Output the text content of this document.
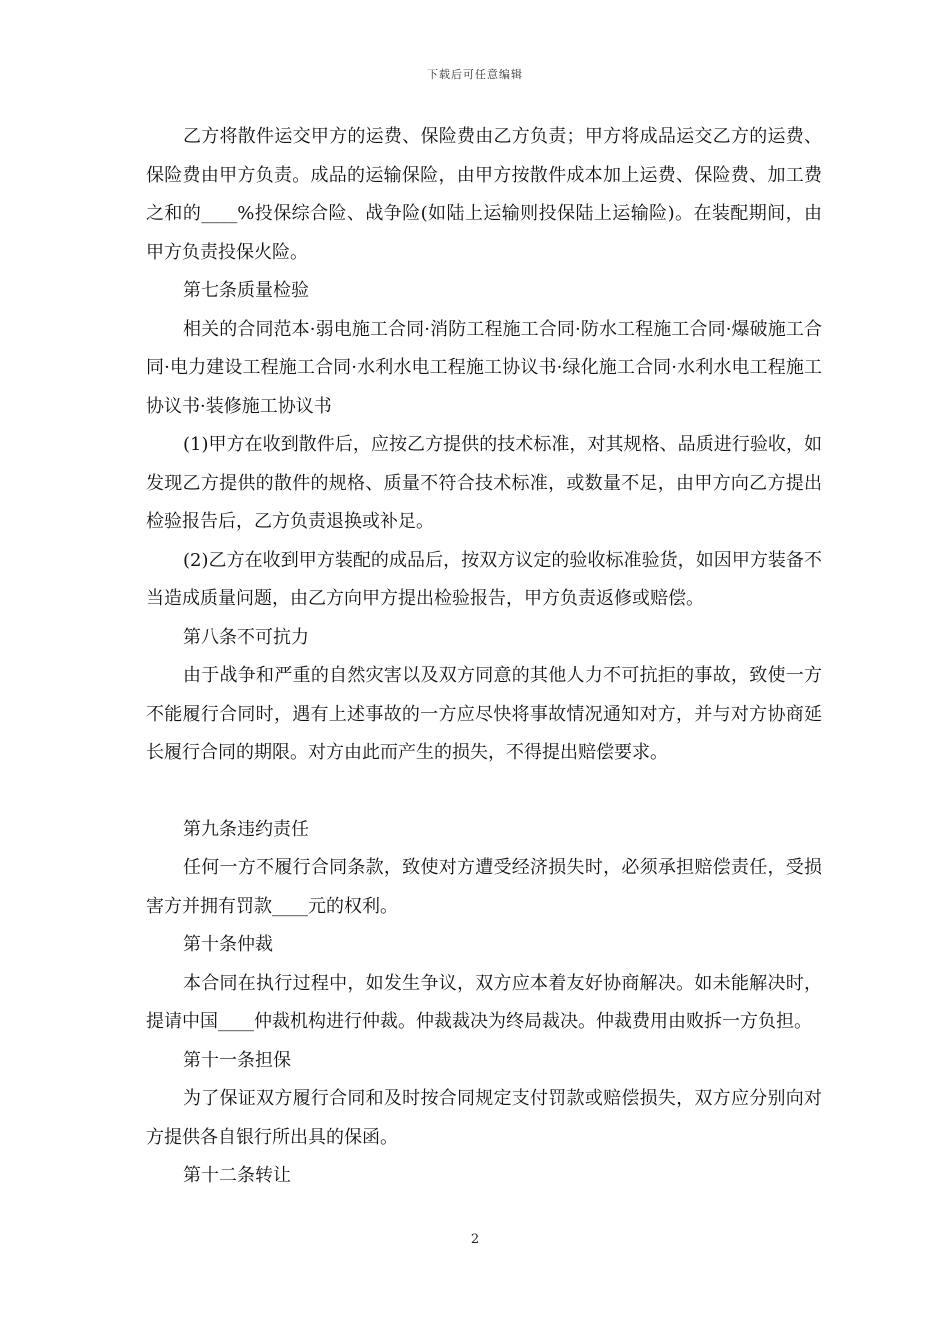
下载后可任意编辑

乙方将散件运交甲方的运费、保险费由乙方负责；甲方将成品运交乙方的运费、保险费由甲方负责。成品的运输保险，由甲方按散件成本加上运费、保险费、加工费之和的____%投保综合险、战争险(如陆上运输则投保陆上运输险)。在装配期间，由甲方负责投保火险。

第七条质量检验

相关的合同范本·弱电施工合同·消防工程施工合同·防水工程施工合同·爆破施工合同·电力建设工程施工合同·水利水电工程施工协议书·绿化施工合同·水利水电工程施工协议书·装修施工协议书

(1)甲方在收到散件后，应按乙方提供的技术标准，对其规格、品质进行验收，如发现乙方提供的散件的规格、质量不符合技术标准，或数量不足，由甲方向乙方提出检验报告后，乙方负责退换或补足。

(2)乙方在收到甲方装配的成品后，按双方议定的验收标准验货，如因甲方装备不当造成质量问题，由乙方向甲方提出检验报告，甲方负责返修或赔偿。

第八条不可抗力

由于战争和严重的自然灾害以及双方同意的其他人力不可抗拒的事故，致使一方不能履行合同时，遇有上述事故的一方应尽快将事故情况通知对方，并与对方协商延长履行合同的期限。对方由此而产生的损失，不得提出赔偿要求。

第九条违约责任

任何一方不履行合同条款，致使对方遭受经济损失时，必须承担赔偿责任，受损害方并拥有罚款____元的权利。

第十条仲裁

本合同在执行过程中，如发生争议，双方应本着友好协商解决。如未能解决时，提请中国____仲裁机构进行仲裁。仲裁裁决为终局裁决。仲裁费用由败拆一方负担。

第十一条担保

为了保证双方履行合同和及时按合同规定支付罚款或赔偿损失，双方应分别向对方提供各自银行所出具的保函。

第十二条转让

2
